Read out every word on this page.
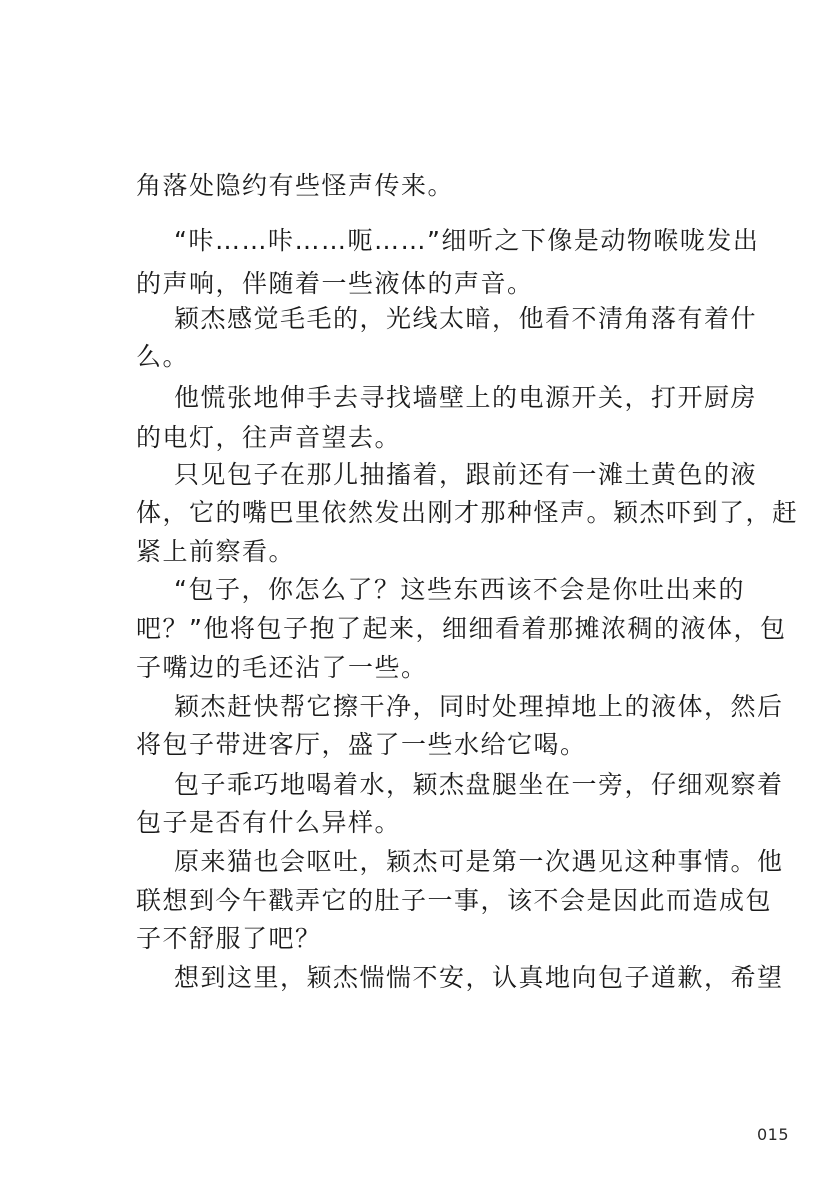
角落处隐约有些怪声传来。
“咔……咔……呃……”细听之下像是动物喉咙发出
的声响，伴随着一些液体的声音。
颖杰感觉毛毛的，光线太暗，他看不清角落有着什
么。
他慌张地伸手去寻找墙壁上的电源开关，打开厨房
的电灯，往声音望去。
只见包子在那儿抽搐着，跟前还有一滩土黄色的液
体，它的嘴巴里依然发出刚才那种怪声。颖杰吓到了，赶
紧上前察看。
“包子，你怎么了？这些东西该不会是你吐出来的
吧？”他将包子抱了起来，细细看着那摊浓稠的液体，包
子嘴边的毛还沾了一些。
颖杰赶快帮它擦干净，同时处理掉地上的液体，然后
将包子带进客厅，盛了一些水给它喝。
包子乖巧地喝着水，颖杰盘腿坐在一旁，仔细观察着
包子是否有什么异样。
原来猫也会呕吐，颖杰可是第一次遇见这种事情。他
联想到今午戳弄它的肚子一事，该不会是因此而造成包
子不舒服了吧？
想到这里，颖杰惴惴不安，认真地向包子道歉，希望
015
